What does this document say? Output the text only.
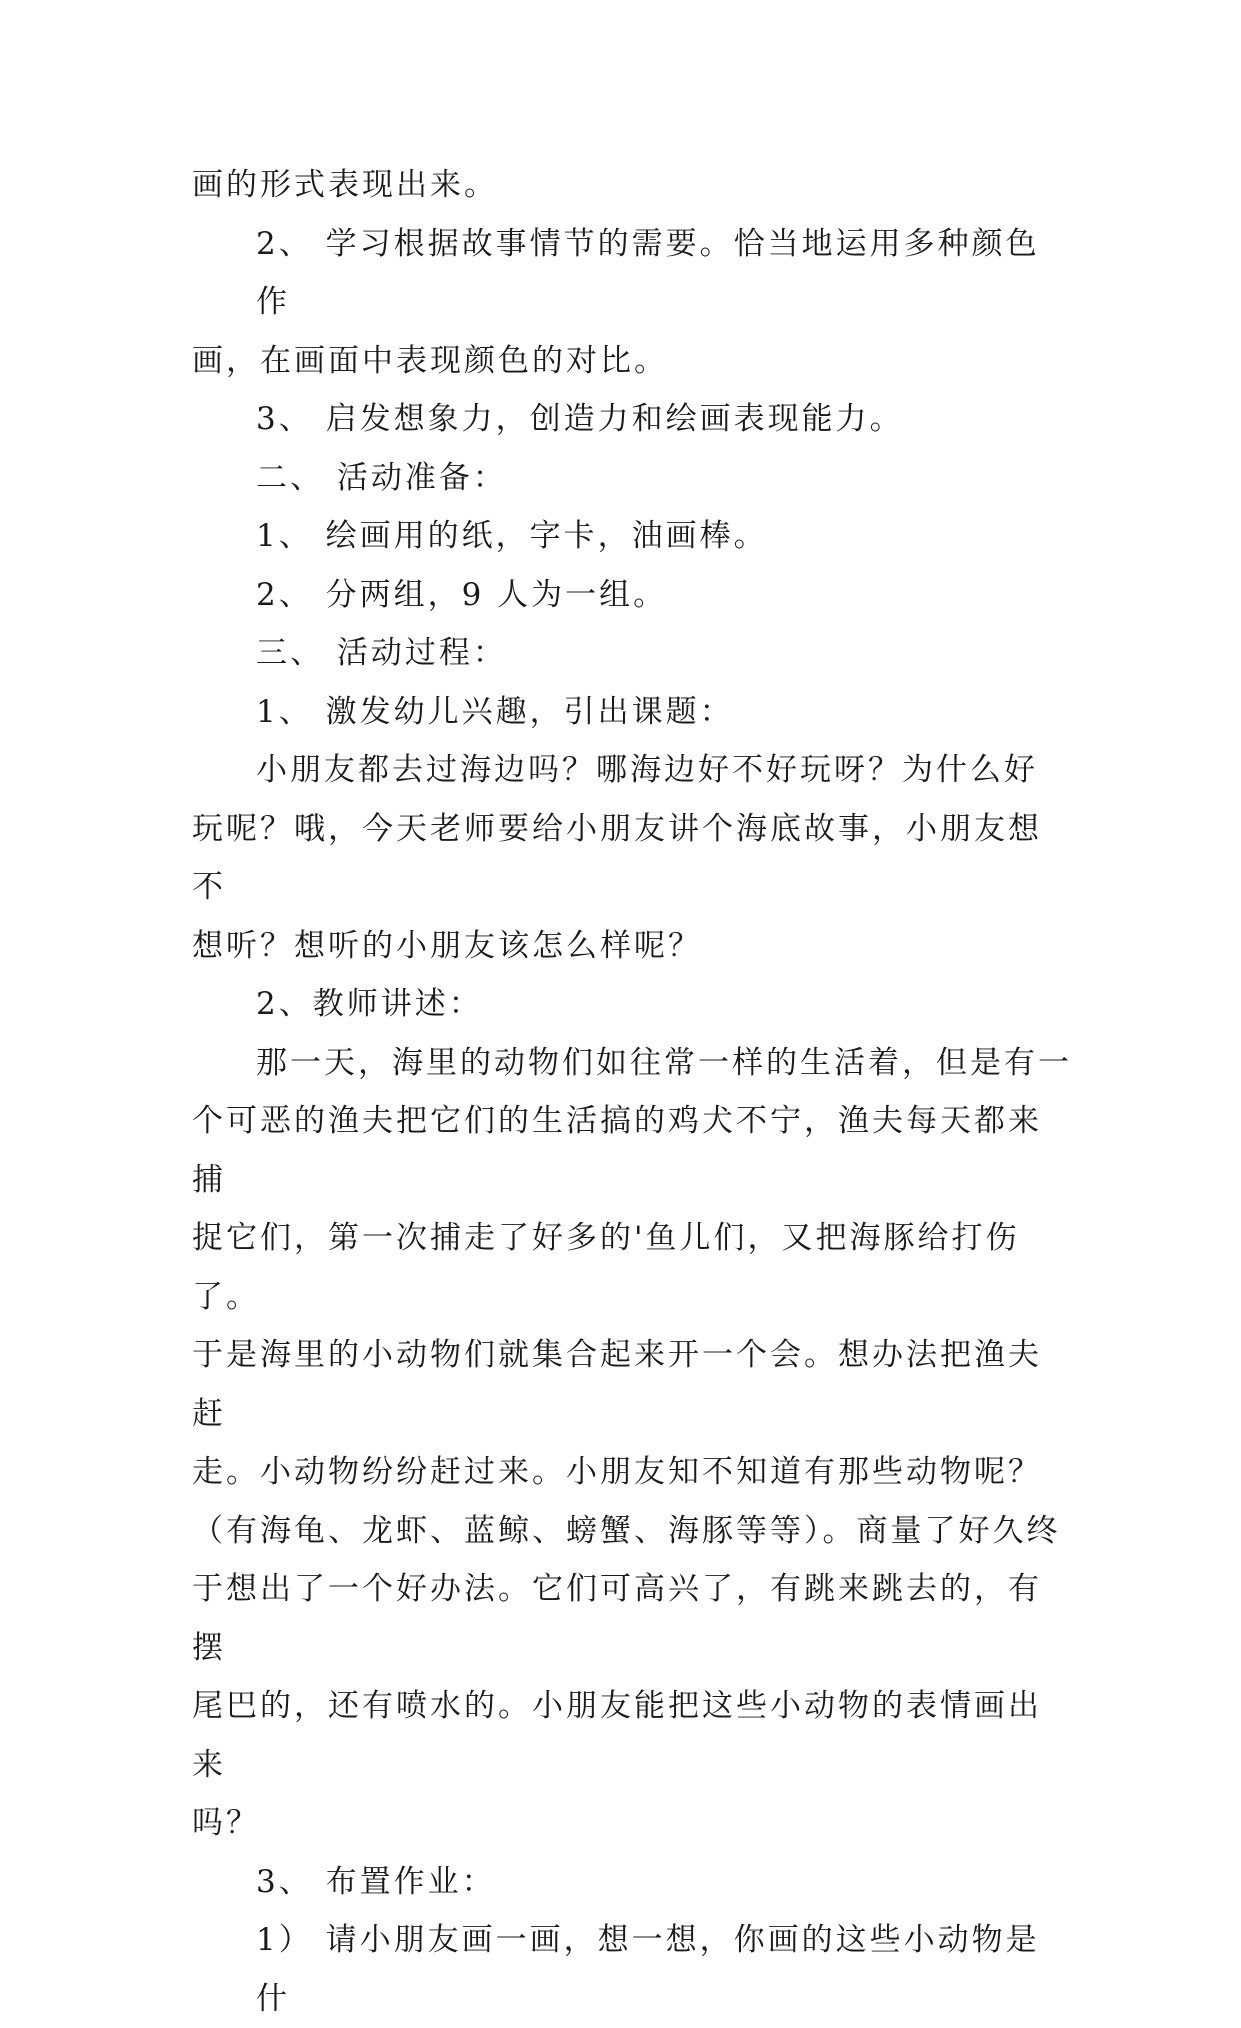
画的形式表现出来。

2、 学习根据故事情节的需要。恰当地运用多种颜色作

画，在画面中表现颜色的对比。

3、 启发想象力，创造力和绘画表现能力。

二、 活动准备：

1、 绘画用的纸，字卡，油画棒。

2、 分两组，9 人为一组。

三、 活动过程：

1、 激发幼儿兴趣，引出课题：

小朋友都去过海边吗？哪海边好不好玩呀？为什么好

玩呢？哦，今天老师要给小朋友讲个海底故事，小朋友想不

想听？想听的小朋友该怎么样呢？

2、教师讲述：

那一天，海里的动物们如往常一样的生活着，但是有一

个可恶的渔夫把它们的生活搞的鸡犬不宁，渔夫每天都来捕

捉它们，第一次捕走了好多的'鱼儿们，又把海豚给打伤了。

于是海里的小动物们就集合起来开一个会。想办法把渔夫赶

走。小动物纷纷赶过来。小朋友知不知道有那些动物呢？

（有海龟、龙虾、蓝鲸、螃蟹、海豚等等）。商量了好久终

于想出了一个好办法。它们可高兴了，有跳来跳去的，有摆

尾巴的，还有喷水的。小朋友能把这些小动物的表情画出来

吗？

3、 布置作业：

1） 请小朋友画一画，想一想，你画的这些小动物是什
